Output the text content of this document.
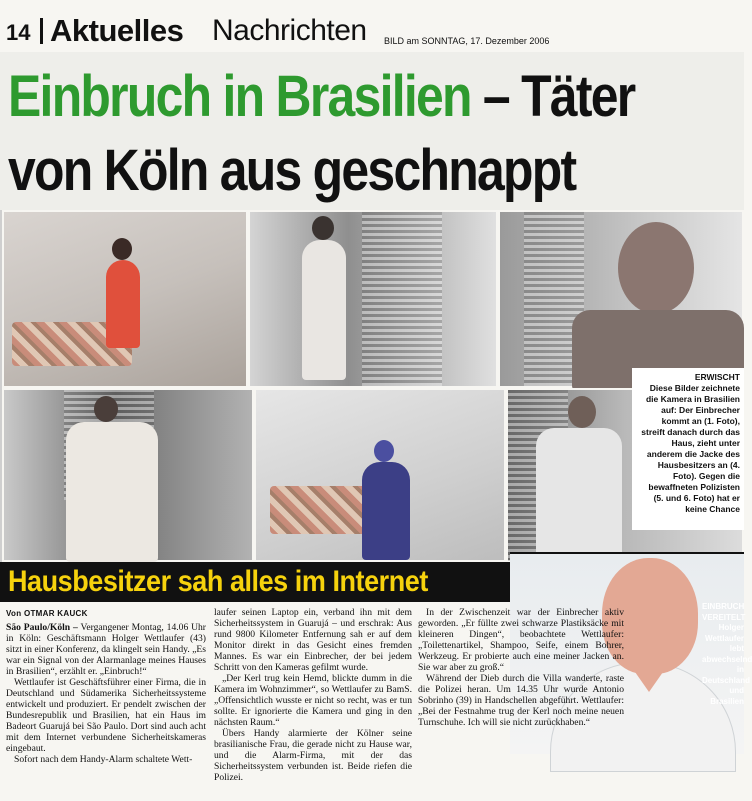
14 Aktuelles Nachrichten BILD am SONNTAG, 17. Dezember 2006
Einbruch in Brasilien – Täter
von Köln aus geschnappt
ERWISCHT
Diese Bilder zeichnete die Kamera in Brasilien auf: Der Einbrecher kommt an (1. Foto), streift danach durch das Haus, zieht unter anderem die Jacke des Hausbesitzers an (4. Foto). Gegen die bewaffneten Polizisten (5. und 6. Foto) hat er keine Chance
Hausbesitzer sah alles im Internet
EINBRUCH VEREITELT
Holger Wettlaufer lebt abwechselnd in Deutschland und Brasilien
Von OTMAR KAUCK

São Paulo/Köln – Vergangener Montag, 14.06 Uhr in Köln: Geschäftsmann Holger Wettlaufer (43) sitzt in einer Konferenz, da klingelt sein Handy. „Es war ein Signal von der Alarmanlage meines Hauses in Brasilien“, erzählt er. „Einbruch!“

Wettlaufer ist Geschäftsführer einer Firma, die in Deutschland und Südamerika Sicherheitssysteme entwickelt und produziert. Er pendelt zwischen der Bundesrepublik und Brasilien, hat ein Haus im Badeort Guarujá bei São Paulo. Dort sind auch acht mit dem Internet verbundene Sicherheitskameras eingebaut.

Sofort nach dem Handy-Alarm schaltete Wett-

laufer seinen Laptop ein, verband ihn mit dem Sicherheitssystem in Guarujá – und erschrak: Aus rund 9800 Kilometer Entfernung sah er auf dem Monitor direkt in das Gesicht eines fremden Mannes. Es war ein Einbrecher, der bei jedem Schritt von den Kameras gefilmt wurde.

„Der Kerl trug kein Hemd, blickte dumm in die Kamera im Wohnzimmer“, so Wettlaufer zu BamS. „Offensichtlich wusste er nicht so recht, was er tun sollte. Er ignorierte die Kamera und ging in den nächsten Raum.“

Übers Handy alarmierte der Kölner seine brasilianische Frau, die gerade nicht zu Hause war, und die Alarm-Firma, mit der das Sicherheitssystem verbunden ist. Beide riefen die Polizei.

In der Zwischenzeit war der Einbrecher aktiv geworden. „Er füllte zwei schwarze Plastiksäcke mit kleineren Dingen“, beobachtete Wettlaufer: „Toilettenartikel, Shampoo, Seife, einem Bohrer, Werkzeug. Er probierte auch eine meiner Jacken an. Sie war aber zu groß.“

Während der Dieb durch die Villa wanderte, raste die Polizei heran. Um 14.35 Uhr wurde Antonio Sobrinho (39) in Handschellen abgeführt. Wettlaufer: „Bei der Festnahme trug der Kerl noch meine neuen Turnschuhe. Ich will sie nicht zurückhaben.“
